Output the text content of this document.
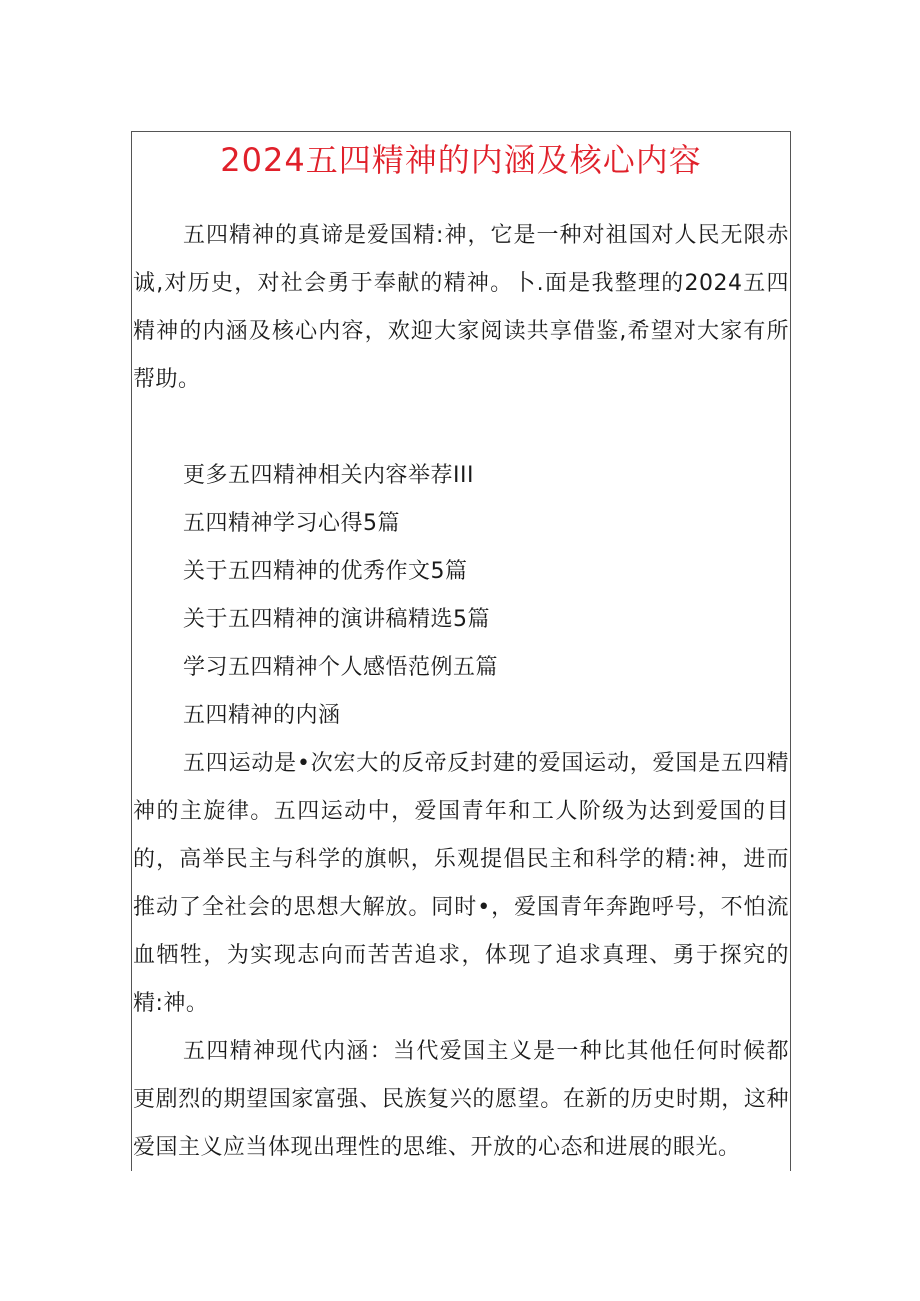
2024五四精神的内涵及核心内容

五四精神的真谛是爱国精:神，它是一种对祖国对人民无限赤诚,对历史，对社会勇于奉献的精神。卜.面是我整理的2024五四精神的内涵及核心内容，欢迎大家阅读共享借鉴,希望对大家有所帮助。

更多五四精神相关内容举荐III

五四精神学习心得5篇

关于五四精神的优秀作文5篇

关于五四精神的演讲稿精选5篇

学习五四精神个人感悟范例五篇

五四精神的内涵

五四运动是•次宏大的反帝反封建的爱国运动，爱国是五四精神的主旋律。五四运动中，爱国青年和工人阶级为达到爱国的目的，高举民主与科学的旗帜，乐观提倡民主和科学的精:神，进而推动了全社会的思想大解放。同时•，爱国青年奔跑呼号，不怕流血牺牲，为实现志向而苦苦追求，体现了追求真理、勇于探究的精:神。

五四精神现代内涵：当代爱国主义是一种比其他任何时候都更剧烈的期望国家富强、民族复兴的愿望。在新的历史时期，这种爱国主义应当体现出理性的思维、开放的心态和进展的眼光。
